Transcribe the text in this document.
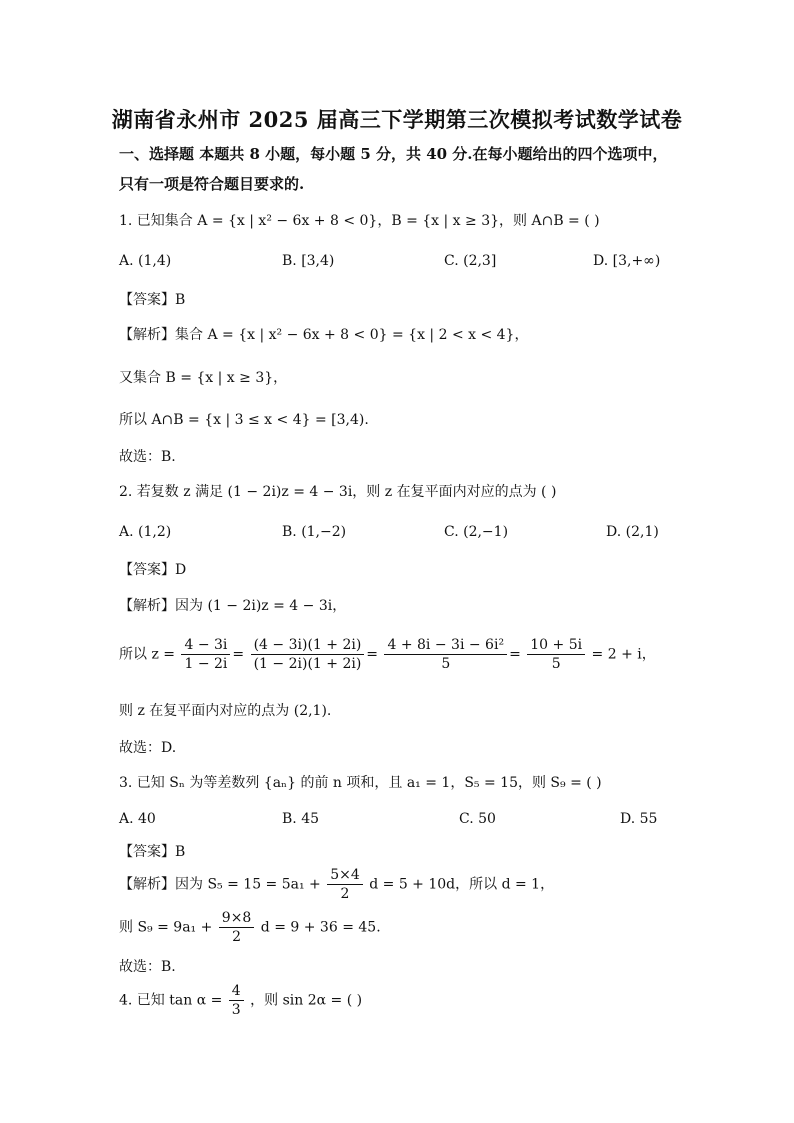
湖南省永州市 2025 届高三下学期第三次模拟考试数学试卷
一、选择题 本题共 8 小题，每小题 5 分，共 40 分.在每小题给出的四个选项中，
只有一项是符合题目要求的.
1. 已知集合 A = {x | x² − 6x + 8 < 0}，B = {x | x ≥ 3}，则 A∩B = ( )
A. (1,4)	B. [3,4)	C. (2,3]	D. [3,+∞)
【答案】B
【解析】集合 A = {x | x² − 6x + 8 < 0} = {x | 2 < x < 4}，
又集合 B = {x | x ≥ 3}，
所以 A∩B = {x | 3 ≤ x < 4} = [3,4).
故选：B.
2. 若复数 z 满足 (1 − 2i)z = 4 − 3i，则 z 在复平面内对应的点为 ( )
A. (1,2)	B. (1,−2)	C. (2,−1)	D. (2,1)
【答案】D
【解析】因为 (1 − 2i)z = 4 − 3i，
所以 $z = \frac{4 - 3i}{1 - 2i} = \frac{(4 - 3i)(1 + 2i)}{(1 - 2i)(1 + 2i)} = \frac{\text{4 + 8i − 3i − 6i²}}{5} = \frac{10 + 5i}{5} = 2 + i$，
则 z 在复平面内对应的点为 (2,1).
故选：D.
3. 已知 Sₙ 为等差数列 {aₙ} 的前 n 项和，且 a₁ = 1，S₅ = 15，则 S₉ = ( )
A. 40	B. 45	C. 50	D. 55
【答案】B
【解析】因为 $S_5 = 15 = 5a_1 + \frac{5\times 4}{2}$ d = 5 + 10d，所以 d = 1，
则 $S_9 = 9a_1 + \frac{9\times 8}{2}$ d = 9 + 36 = 45.
故选：B.
4. 已知 $\tan \alpha = \frac{4}{3}$ ，则 sin 2α = ( )
